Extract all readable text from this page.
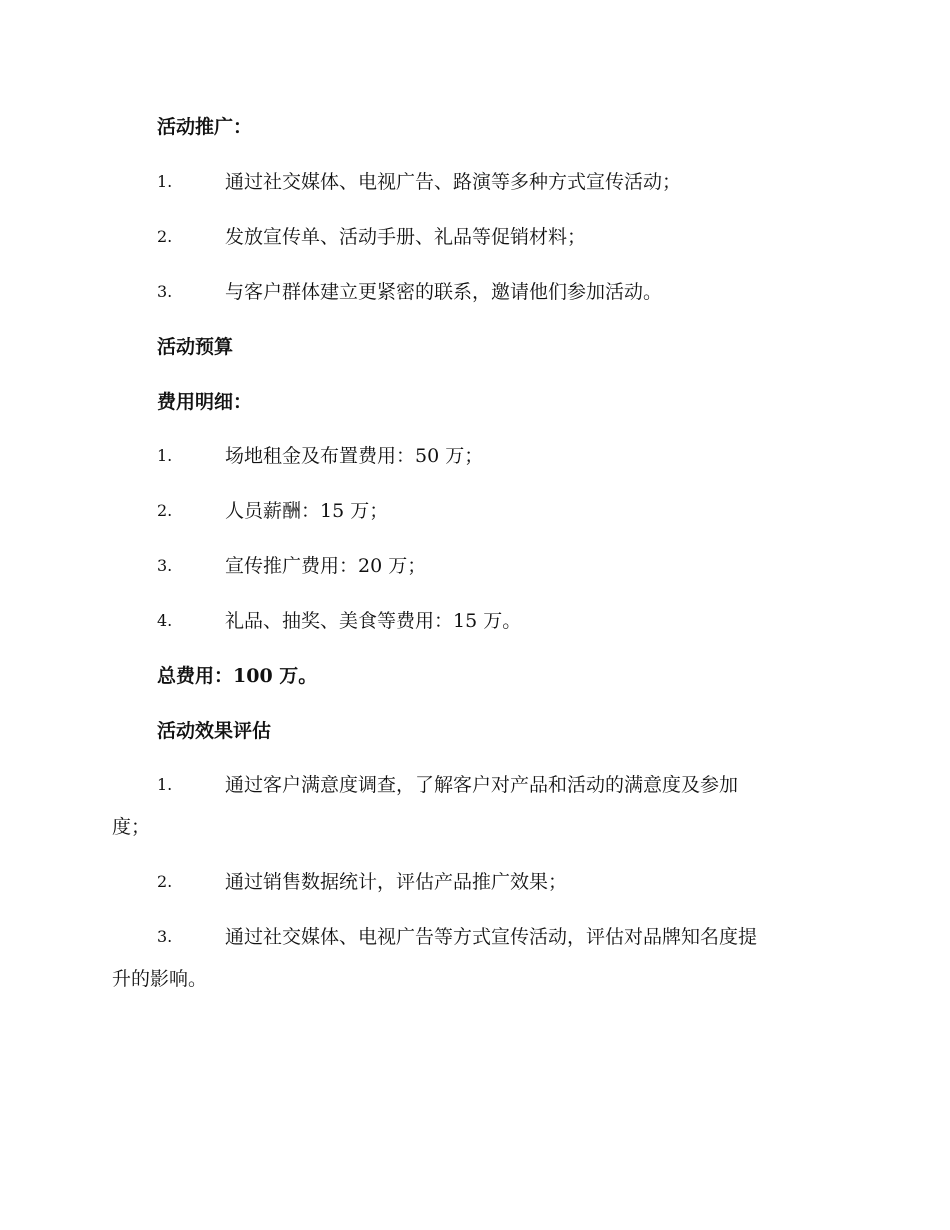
活动推广：
1.	通过社交媒体、电视广告、路演等多种方式宣传活动；
2.	发放宣传单、活动手册、礼品等促销材料；
3.	与客户群体建立更紧密的联系，邀请他们参加活动。
活动预算
费用明细：
1.	场地租金及布置费用：50 万；
2.	人员薪酬：15 万；
3.	宣传推广费用：20 万；
4.	礼品、抽奖、美食等费用：15 万。
总费用：100 万。
活动效果评估
1.	通过客户满意度调查，了解客户对产品和活动的满意度及参加
度；
2.	通过销售数据统计，评估产品推广效果；
3.	通过社交媒体、电视广告等方式宣传活动，评估对品牌知名度提
升的影响。
